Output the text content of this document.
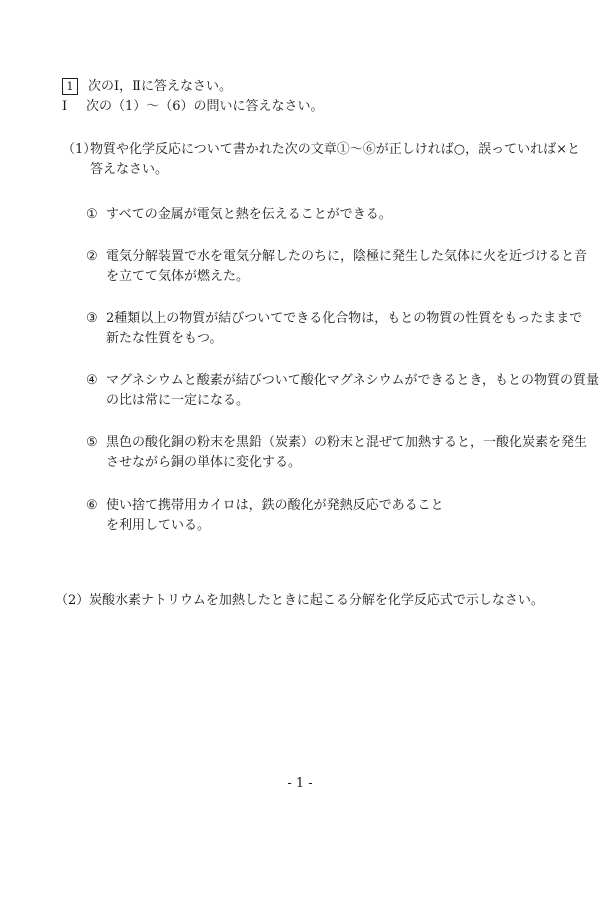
1 次のⅠ，Ⅱに答えなさい。
Ⅰ 次の（1）～（6）の問いに答えなさい。
（1）物質や化学反応について書かれた次の文章①～⑥が正しければ○，誤っていれば×と
答えなさい。
① すべての金属が電気と熱を伝えることができる。
② 電気分解装置で水を電気分解したのちに，陰極に発生した気体に火を近づけると音
を立てて気体が燃えた。
③ 2種類以上の物質が結びついてできる化合物は，もとの物質の性質をもったままで
新たな性質をもつ。
④ マグネシウムと酸素が結びついて酸化マグネシウムができるとき，もとの物質の質量
の比は常に一定になる。
⑤ 黒色の酸化銅の粉末を黒鉛（炭素）の粉末と混ぜて加熱すると，一酸化炭素を発生
させながら銅の単体に変化する。
⑥ 使い捨て携帯用カイロは，鉄の酸化が発熱反応であること
を利用している。
（2）炭酸水素ナトリウムを加熱したときに起こる分解を化学反応式で示しなさい。
- 1 -
